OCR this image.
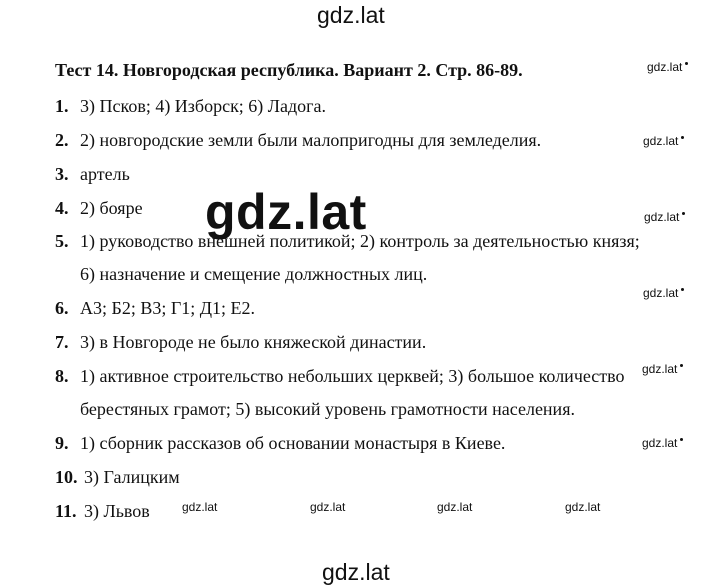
gdz.lat
Тест 14. Новгородская республика. Вариант 2. Стр. 86-89.
1. 3) Псков; 4) Изборск; 6) Ладога.
2. 2) новгородские земли были малопригодны для земледелия.
3. артель
4. 2) бояре
5. 1) руководство внешней политикой; 2) контроль за деятельностью князя;
6) назначение и смещение должностных лиц.
6. А3; Б2; В3; Г1; Д1; Е2.
7. 3) в Новгороде не было княжеской династии.
8. 1) активное строительство небольших церквей; 3) большое количество
берестяных грамот; 5) высокий уровень грамотности населения.
9. 1) сборник рассказов об основании монастыря в Киеве.
10. 3) Галицким
11. 3) Львов
gdz.lat
gdz.lat
gdz.lat
gdz.lat
gdz.lat
gdz.lat
gdz.lat
gdz.lat	gdz.lat	gdz.lat	gdz.lat
gdz.lat
